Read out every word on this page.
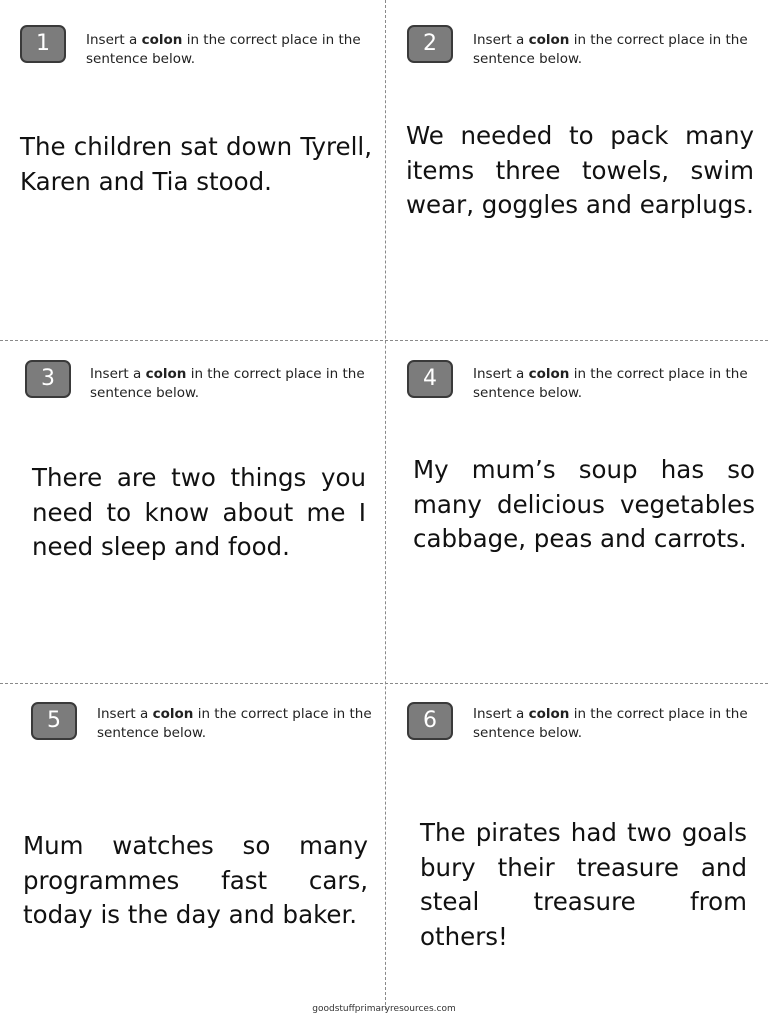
1	Insert a colon in the correct place in the sentence below.
The children sat down Tyrell, Karen and Tia stood.
2	Insert a colon in the correct place in the sentence below.
We needed to pack many items three towels, swim wear, goggles and earplugs.
3	Insert a colon in the correct place in the sentence below.
There are two things you need to know about me I need sleep and food.
4	Insert a colon in the correct place in the sentence below.
My mum’s soup has so many delicious vegetables cabbage, peas and carrots.
5	Insert a colon in the correct place in the sentence below.
Mum watches so many programmes fast cars, today is the day and baker.
6	Insert a colon in the correct place in the sentence below.
The pirates had two goals bury their treasure and steal treasure from others!
goodstuffprimaryresources.com
